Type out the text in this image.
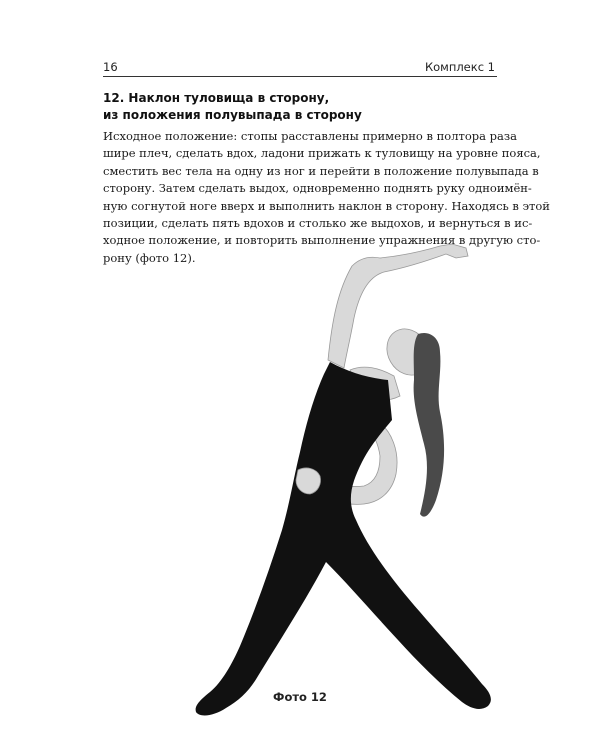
16	Комплекс 1
12. Наклон туловища в сторону,
из положения полувыпада в сторону
Исходное положение: стопы расставлены примерно в полтора раза
шире плеч, сделать вдох, ладони прижать к туловищу на уровне пояса,
сместить вес тела на одну из ног и перейти в положение полувыпада в
сторону. Затем сделать выдох, одновременно поднять руку одноимён-
ную согнутой ноге вверх и выполнить наклон в сторону. Находясь в этой
позиции, сделать пять вдохов и столько же выдохов, и вернуться в ис-
ходное положение, и повторить выполнение упражнения в другую сто-
рону (фото 12).
Фото 12
